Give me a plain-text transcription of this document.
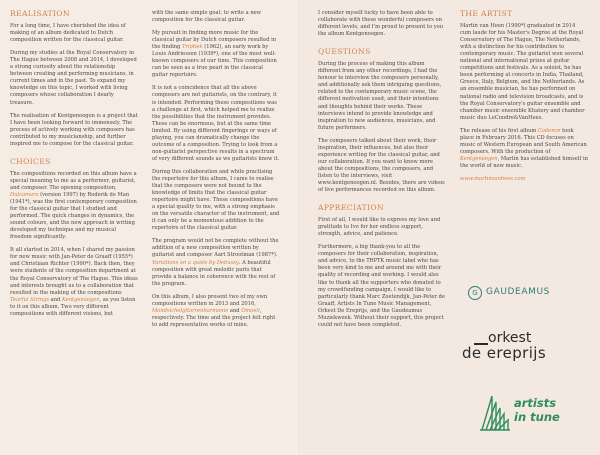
REALISATION

For a long time, I have cherished the idea of making of an album dedicated to Dutch composition written for the classical guitar.

During my studies at the Royal Conservatory in The Hague between 2008 and 2014, I developed a strong curiosity about the relationship between creating and performing musicians, in current times and in the past. To expand my knowledge on this topic, I worked with living composers whose collaboration I dearly treasure.

The realisation of Kentgenoogen is a project that I have been looking forward to immensely. The process of actively working with composers has contributed to my musicianship, and further inspired me to compose for the classical guitar.

CHOICES

The compositions recorded on this album have a special meaning to me as a performer, guitarist, and composer. The opening composition, Dulcamara (version 1997) by Roderik de Man (1941*), was the first contemporary composition for the classical guitar that I studied and performed. The quick changes in dynamics, the sound colours, and the new approach in writing developed my technique and my musical freedom significantly.

It all started in 2014, when I shared my passion for new music with Jan-Peter de Graaff (1955*) and Christiaan Richter (1990*). Back then, they were students of the composition department at the Royal Conservatory of The Hague. This ideas and interests brought us to a collaboration that resulted in the making of the compositions Tearful Strings and Kentgenoogen, as you listen to it on this album. Two very different compositions with different visions, but

with the same simple goal: to write a new composition for the classical guitar.

My pursuit in finding more music for the classical guitar by Dutch composers resulted in the finding Triptiek (1962), an early work by Louis Andriessen (1939*), one of the most well-known composers of our time. This composition can be seen as a true pearl in the classical guitar repertoire.

It is not a coincidence that all the above composers are not guitarists, on the contrary, it is intended. Performing these compositions was a challenge at first, which helped me to realize the possibilities that the instrument provides. These can be enormous, but at the same time limited. By using different fingerings or ways of playing, you can dramatically change the outcome of a composition. Trying to look from a non-guitarist perspective results in a spectrum of very different sounds as we guitarists know it.

During this collaboration and while practising the repertoire for this album, I came to realise that the composers were not bound to the knowledge of limits that the classical guitar repertoire might have. These compositions have a special quality to me, with a strong emphasis on the versatile character of the instrument, and it can only be a momentous addition to the repertoire of the classical guitar.

The program would not be complete without the addition of a new composition written by guitarist and composer Aart Strootman (1987*). Variations on a quote by Debussy. A beautiful composition with great melodic parts that provide a balance in coherence with the rest of the program.

On this album, I also present two of my own compositions written in 2013 and 2016, Mondsichelgitarrenharmonie and Omoeli, respectively. The time and the project felt right to add representative works of mine.

I consider myself lucky to have been able to collaborate with these wonderful composers on different levels, and I'm proud to present to you the album Kentgenoogen.

QUESTIONS

During the process of making this album different from any other recordings, I had the honour to interview the composers personally, and additionally ask them intriguing questions, related to the contemporary music scene, the different motivation used, and their intentions and thoughts behind their works. These interviews intend to provide knowledge and inspiration to new audiences, musicians, and future performers.

The composers talked about their work, their inspiration, their influences, but also their experience writing for the classical guitar, and our collaboration. If you want to know more about the compositions, the composers, and listen to the interviews, visit www.kentgenoogen.nl. Besides, there are videos of live performances recorded on this album.

APPRECIATION

First of all, I would like to express my love and gratitude to Ivo for her endless support, strength, advice, and patience.

Furthermore, a big thank-you to all the composers for their collaboration, inspiration, and advice, to the TRPTK music label who has been very kind to me and around me with their quality of recording and working. I would also like to thank all the supporters who donated to my crowdfunding campaign. I would like to particularly thank Marc Zoetendijk, Jan-Peter de Graaff, Artists In Tune Music Management, Orkest De Ereprijs, and the Gaudeamus Muziekweek. Without their support, this project could not have been completed.

THE ARTIST

Martin van Heen (1990*) graduated in 2014 cum laude for his Master's Degree at the Royal Conservatory of The Hague, The Netherlands, with a distinction for his contribution to contemporary music. The guitarist won several national and international prizes at guitar competitions and festivals. As a soloist, he has been performing at concerts in India, Thailand, Greece, Italy, Belgium, and the Netherlands. As an ensemble musician, he has performed on national radio and television broadcasts, and is the Royal Conservatory's guitar ensemble and chamber music ensemble Khatery and chamber music duo LeCoudre&VanHees.

The release of his first album Cadence took place in February 2016. This CD focuses on music of Western European and South American composers. With the production of Kentgenoogen, Martin has established himself in the world of new music.

www.martinvanhees.com

G GAUDEAMUS
orkest
de ereprijs
artists
in tune
